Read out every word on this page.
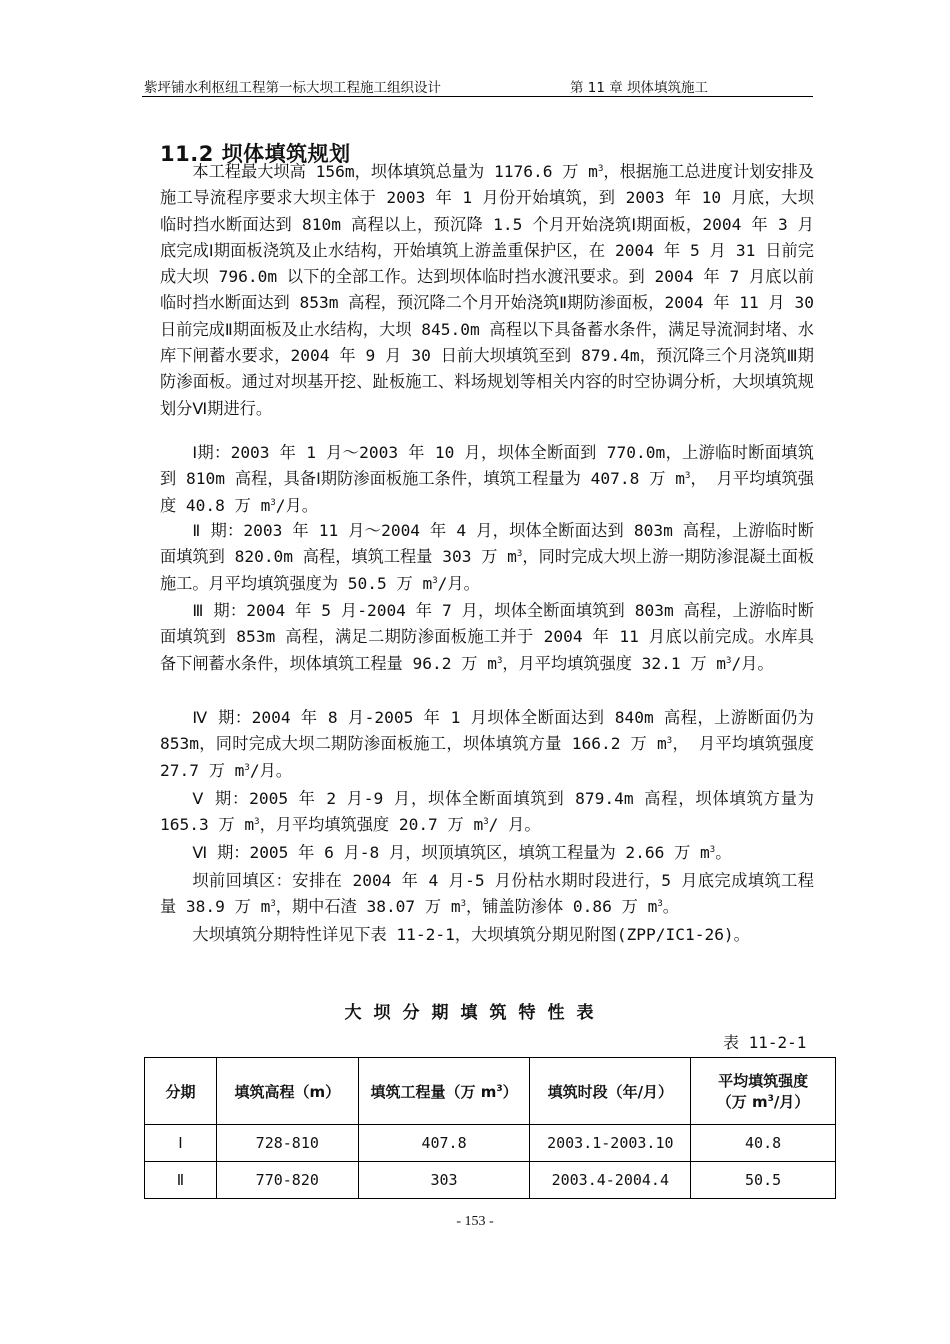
紫坪铺水利枢纽工程第一标大坝工程施工组织设计	第 11 章 坝体填筑施工
11.2 坝体填筑规划

本工程最大坝高 156m，坝体填筑总量为 1176.6 万 $m^3$，根据施工总进度计划安排及施工导流程序要求大坝主体于 2003 年 1 月份开始填筑，到 2003 年 10 月底，大坝临时挡水断面达到 810m 高程以上，预沉降 1.5 个月开始浇筑Ⅰ期面板，2004 年 3 月底完成Ⅰ期面板浇筑及止水结构，开始填筑上游盖重保护区，在 2004 年 5 月 31 日前完成大坝 796.0m 以下的全部工作。达到坝体临时挡水渡汛要求。到 2004 年 7 月底以前临时挡水断面达到 853m 高程，预沉降二个月开始浇筑Ⅱ期防渗面板，2004 年 11 月 30 日前完成Ⅱ期面板及止水结构，大坝 845.0m 高程以下具备蓄水条件，满足导流洞封堵、水库下闸蓄水要求，2004 年 9 月 30 日前大坝填筑至到 879.4m，预沉降三个月浇筑Ⅲ期防渗面板。通过对坝基开挖、趾板施工、料场规划等相关内容的时空协调分析，大坝填筑规划分Ⅵ期进行。

Ⅰ期：2003 年 1 月～2003 年 10 月，坝体全断面到 770.0m，上游临时断面填筑到 810m 高程，具备Ⅰ期防渗面板施工条件，填筑工程量为 407.8 万 $m^3$， 月平均填筑强度 40.8 万 $m^3/$月。

Ⅱ 期：2003 年 11 月～2004 年 4 月，坝体全断面达到 803m 高程，上游临时断面填筑到 820.0m 高程，填筑工程量 303 万 $m^3$，同时完成大坝上游一期防渗混凝土面板施工。月平均填筑强度为 50.5 万 $m^3/$月。

Ⅲ 期：2004 年 5 月-2004 年 7 月，坝体全断面填筑到 803m 高程，上游临时断面填筑到 853m 高程，满足二期防渗面板施工并于 2004 年 11 月底以前完成。水库具备下闸蓄水条件，坝体填筑工程量 96.2 万 $m^3$，月平均填筑强度 32.1 万 $m^3/$月。

Ⅳ 期：2004 年 8 月-2005 年 1 月坝体全断面达到 840m 高程，上游断面仍为 853m，同时完成大坝二期防渗面板施工，坝体填筑方量 166.2 万 $m^3$， 月平均填筑强度 27.7 万 $m^3/$月。

Ⅴ 期：2005 年 2 月-9 月，坝体全断面填筑到 879.4m 高程，坝体填筑方量为 165.3 万 $m^3$，月平均填筑强度 20.7 万 $m^3/$ 月。

Ⅵ 期：2005 年 6 月-8 月，坝顶填筑区，填筑工程量为 2.66 万 $m^3$。

坝前回填区：安排在 2004 年 4 月-5 月份枯水期时段进行，5 月底完成填筑工程量 38.9 万 $m^3$，期中石渣 38.07 万 $m^3$，铺盖防渗体 0.86 万 $m^3$。

大坝填筑分期特性详见下表 11-2-1，大坝填筑分期见附图(ZPP/IC1-26)。

大坝分期填筑特性表
表 11-2-1
分期	填筑高程（m）	填筑工程量（万 $m^3$）	填筑时段（年/月）	平均填筑强度
（万 $m^3/$月）
Ⅰ	728-810	407.8	2003.1-2003.10	40.8
Ⅱ	770-820	303	2003.4-2004.4	50.5
- 153 -
